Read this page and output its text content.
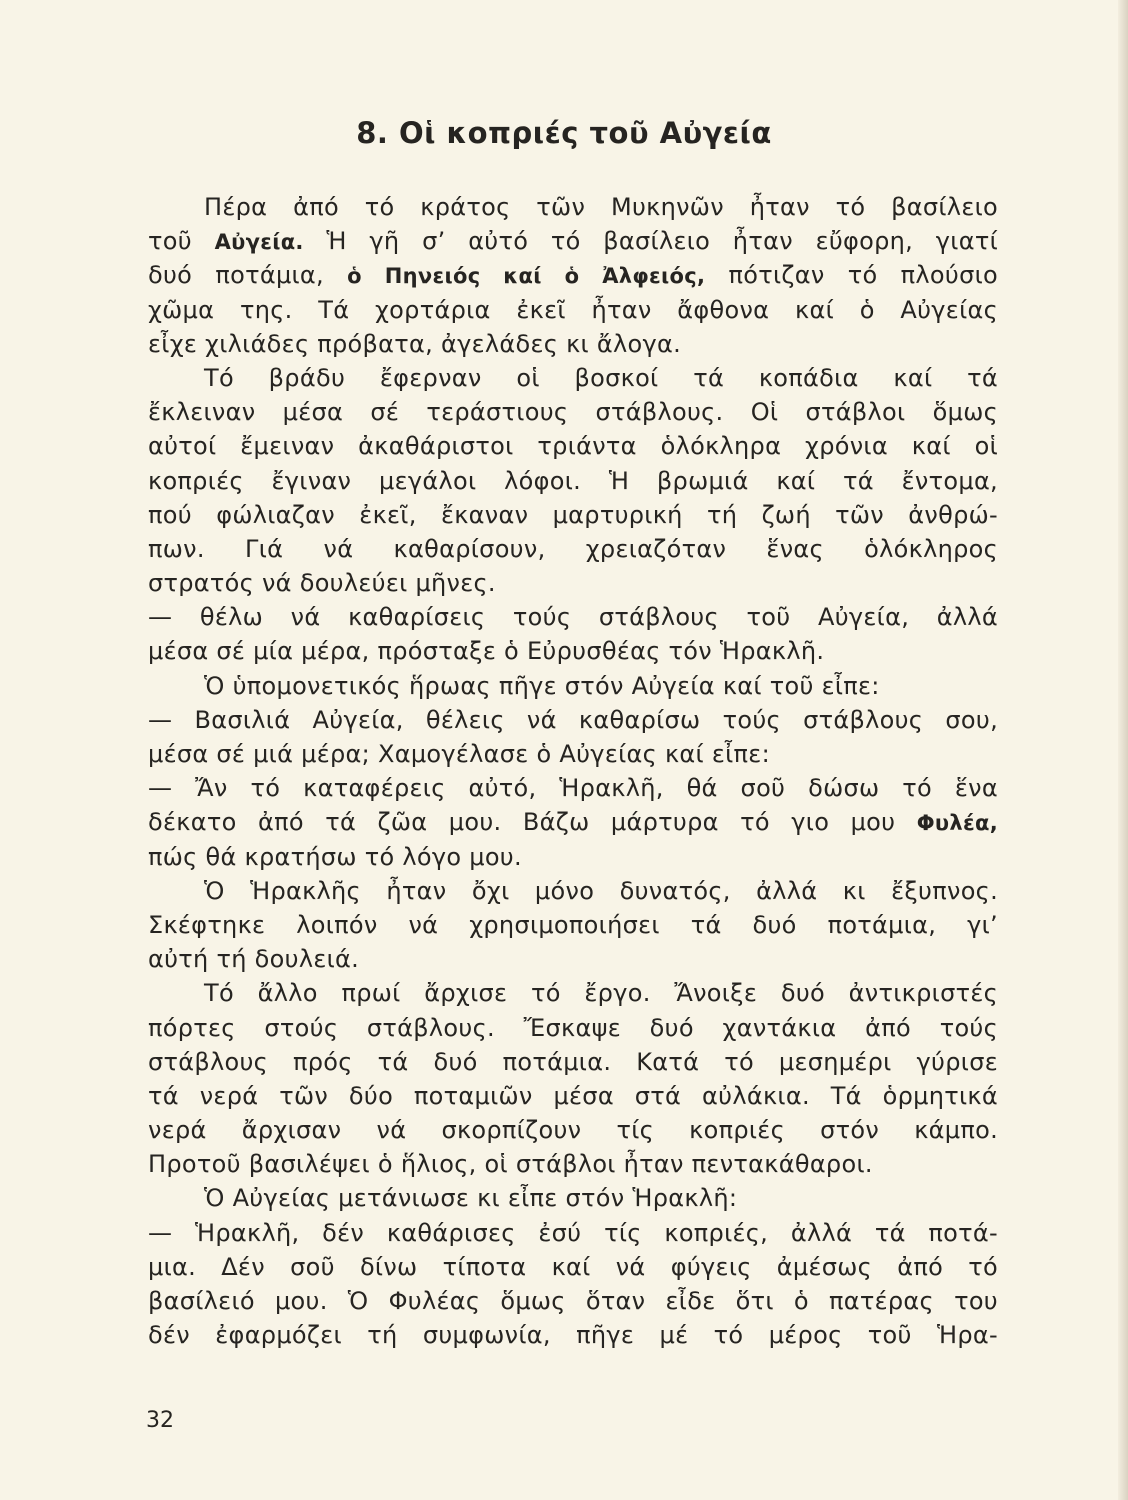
8. Οἱ κοπριές τοῦ Αὐγεία
Πέρα ἀπό τό κράτος τῶν Μυκηνῶν ἦταν τό βασίλειο
τοῦ Αὐγεία. Ἡ γῆ σ’ αὐτό τό βασίλειο ἦταν εὔφορη, γιατί
δυό ποτάμια, ὁ Πηνειός καί ὁ Ἀλφειός, πότιζαν τό πλούσιο
χῶμα της. Τά χορτάρια ἐκεῖ ἦταν ἄφθονα καί ὁ Αὐγείας
εἶχε χιλιάδες πρόβατα, ἀγελάδες κι ἄλογα.
Τό βράδυ ἔφερναν οἱ βοσκοί τά κοπάδια καί τά
ἔκλειναν μέσα σέ τεράστιους στάβλους. Οἱ στάβλοι ὅμως
αὐτοί ἔμειναν ἀκαθάριστοι τριάντα ὁλόκληρα χρόνια καί οἱ
κοπριές ἔγιναν μεγάλοι λόφοι. Ἡ βρωμιά καί τά ἔντομα,
πού φώλιαζαν ἐκεῖ, ἔκαναν μαρτυρική τή ζωή τῶν ἀνθρώ-
πων. Γιά νά καθαρίσουν, χρειαζόταν ἕνας ὁλόκληρος
στρατός νά δουλεύει μῆνες.
— θέλω νά καθαρίσεις τούς στάβλους τοῦ Αὐγεία, ἀλλά
μέσα σέ μία μέρα, πρόσταξε ὁ Εὐρυσθέας τόν Ἡρακλῆ.
Ὁ ὑπομονετικός ἥρωας πῆγε στόν Αὐγεία καί τοῦ εἶπε:
— Βασιλιά Αὐγεία, θέλεις νά καθαρίσω τούς στάβλους σου,
μέσα σέ μιά μέρα; Χαμογέλασε ὁ Αὐγείας καί εἶπε:
— Ἄν τό καταφέρεις αὐτό, Ἡρακλῆ, θά σοῦ δώσω τό ἕνα
δέκατο ἀπό τά ζῶα μου. Βάζω μάρτυρα τό γιο μου Φυλέα,
πώς θά κρατήσω τό λόγο μου.
Ὁ Ἡρακλῆς ἦταν ὄχι μόνο δυνατός, ἀλλά κι ἔξυπνος.
Σκέφτηκε λοιπόν νά χρησιμοποιήσει τά δυό ποτάμια, γι’
αὐτή τή δουλειά.
Τό ἄλλο πρωί ἄρχισε τό ἔργο. Ἄνοιξε δυό ἀντικριστές
πόρτες στούς στάβλους. Ἔσκαψε δυό χαντάκια ἀπό τούς
στάβλους πρός τά δυό ποτάμια. Κατά τό μεσημέρι γύρισε
τά νερά τῶν δύο ποταμιῶν μέσα στά αὐλάκια. Τά ὁρμητικά
νερά ἄρχισαν νά σκορπίζουν τίς κοπριές στόν κάμπο.
Προτοῦ βασιλέψει ὁ ἥλιος, οἱ στάβλοι ἦταν πεντακάθαροι.
Ὁ Αὐγείας μετάνιωσε κι εἶπε στόν Ἡρακλῆ:
— Ἡρακλῆ, δέν καθάρισες ἐσύ τίς κοπριές, ἀλλά τά ποτά-
μια. Δέν σοῦ δίνω τίποτα καί νά φύγεις ἀμέσως ἀπό τό
βασίλειό μου. Ὁ Φυλέας ὅμως ὅταν εἶδε ὅτι ὁ πατέρας του
δέν ἐφαρμόζει τή συμφωνία, πῆγε μέ τό μέρος τοῦ Ἡρα-
32
